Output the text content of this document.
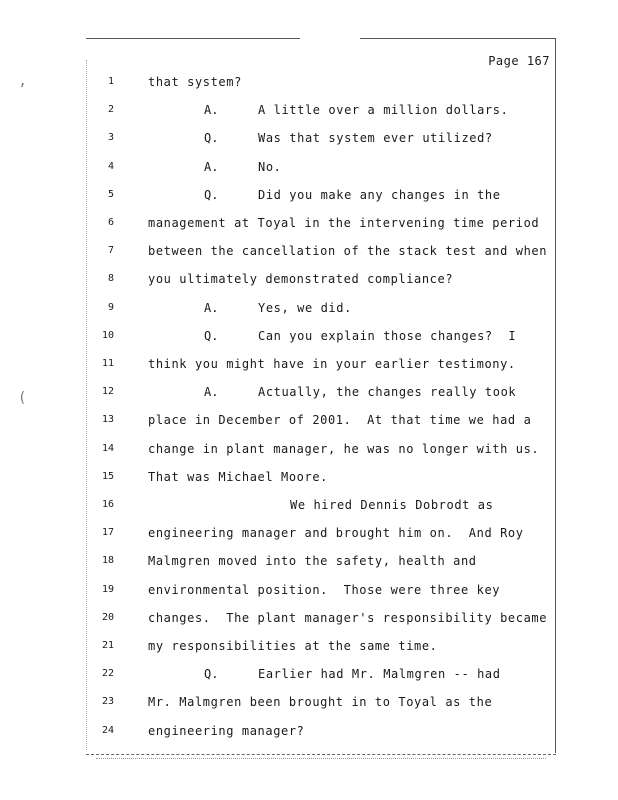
’
(
Page 167
1	that system?
2	A.	A little over a million dollars.
3	Q.	Was that system ever utilized?
4	A.	No.
5	Q.	Did you make any changes in the
6	management at Toyal in the intervening time period
7	between the cancellation of the stack test and when
8	you ultimately demonstrated compliance?
9	A.	Yes, we did.
10	Q.	Can you explain those changes?  I
11	think you might have in your earlier testimony.
12	A.	Actually, the changes really took
13	place in December of 2001.  At that time we had a
14	change in plant manager, he was no longer with us.
15	That was Michael Moore.
16	We hired Dennis Dobrodt as
17	engineering manager and brought him on.  And Roy
18	Malmgren moved into the safety, health and
19	environmental position.  Those were three key
20	changes.  The plant manager's responsibility became
21	my responsibilities at the same time.
22	Q.	Earlier had Mr. Malmgren -- had
23	Mr. Malmgren been brought in to Toyal as the
24	engineering manager?
